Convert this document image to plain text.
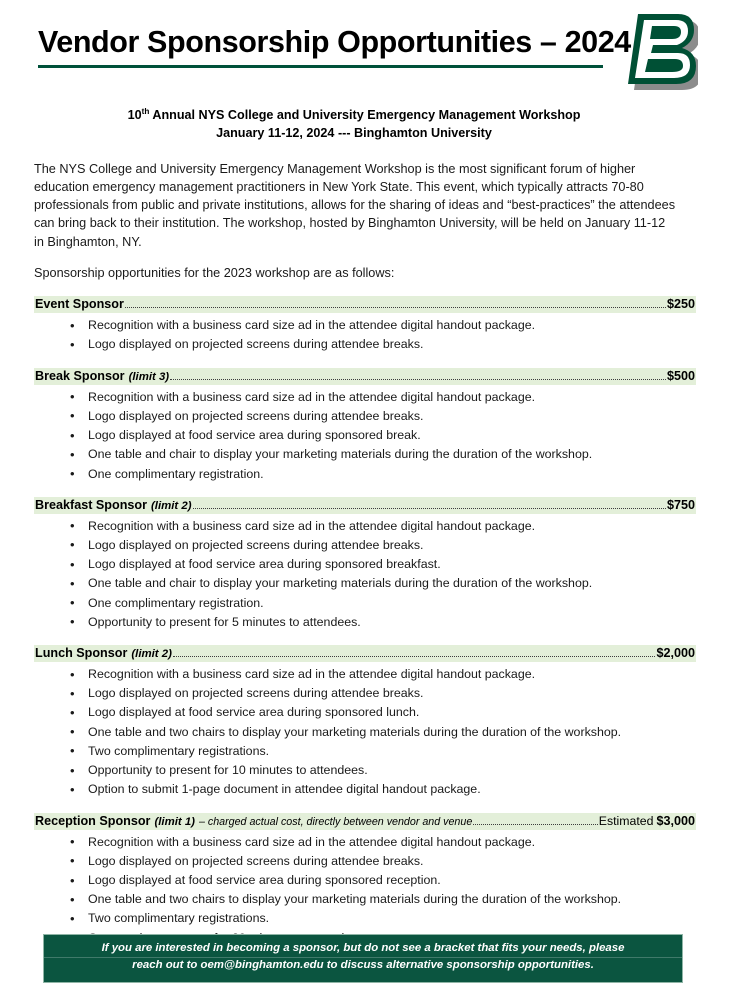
Vendor Sponsorship Opportunities – 2024
10th Annual NYS College and University Emergency Management Workshop
January 11-12, 2024 --- Binghamton University

The NYS College and University Emergency Management Workshop is the most significant forum of higher education emergency management practitioners in New York State. This event, which typically attracts 70-80 professionals from public and private institutions, allows for the sharing of ideas and “best-practices” the attendees can bring back to their institution. The workshop, hosted by Binghamton University, will be held on January 11-12 in Binghamton, NY.

Sponsorship opportunities for the 2023 workshop are as follows:

Event Sponsor	$250
• Recognition with a business card size ad in the attendee digital handout package.
• Logo displayed on projected screens during attendee breaks.
Break Sponsor (limit 3)	$500
• Recognition with a business card size ad in the attendee digital handout package.
• Logo displayed on projected screens during attendee breaks.
• Logo displayed at food service area during sponsored break.
• One table and chair to display your marketing materials during the duration of the workshop.
• One complimentary registration.
Breakfast Sponsor (limit 2)	$750
• Recognition with a business card size ad in the attendee digital handout package.
• Logo displayed on projected screens during attendee breaks.
• Logo displayed at food service area during sponsored breakfast.
• One table and chair to display your marketing materials during the duration of the workshop.
• One complimentary registration.
• Opportunity to present for 5 minutes to attendees.
Lunch Sponsor (limit 2)	$2,000
• Recognition with a business card size ad in the attendee digital handout package.
• Logo displayed on projected screens during attendee breaks.
• Logo displayed at food service area during sponsored lunch.
• One table and two chairs to display your marketing materials during the duration of the workshop.
• Two complimentary registrations.
• Opportunity to present for 10 minutes to attendees.
• Option to submit 1-page document in attendee digital handout package.
Reception Sponsor (limit 1) – charged actual cost, directly between vendor and venue	Estimated $3,000
• Recognition with a business card size ad in the attendee digital handout package.
• Logo displayed on projected screens during attendee breaks.
• Logo displayed at food service area during sponsored reception.
• One table and two chairs to display your marketing materials during the duration of the workshop.
• Two complimentary registrations.
•
•
•
If you are interested in becoming a sponsor, but do not see a bracket that fits your needs, please
reach out to oem@binghamton.edu to discuss alternative sponsorship opportunities.
